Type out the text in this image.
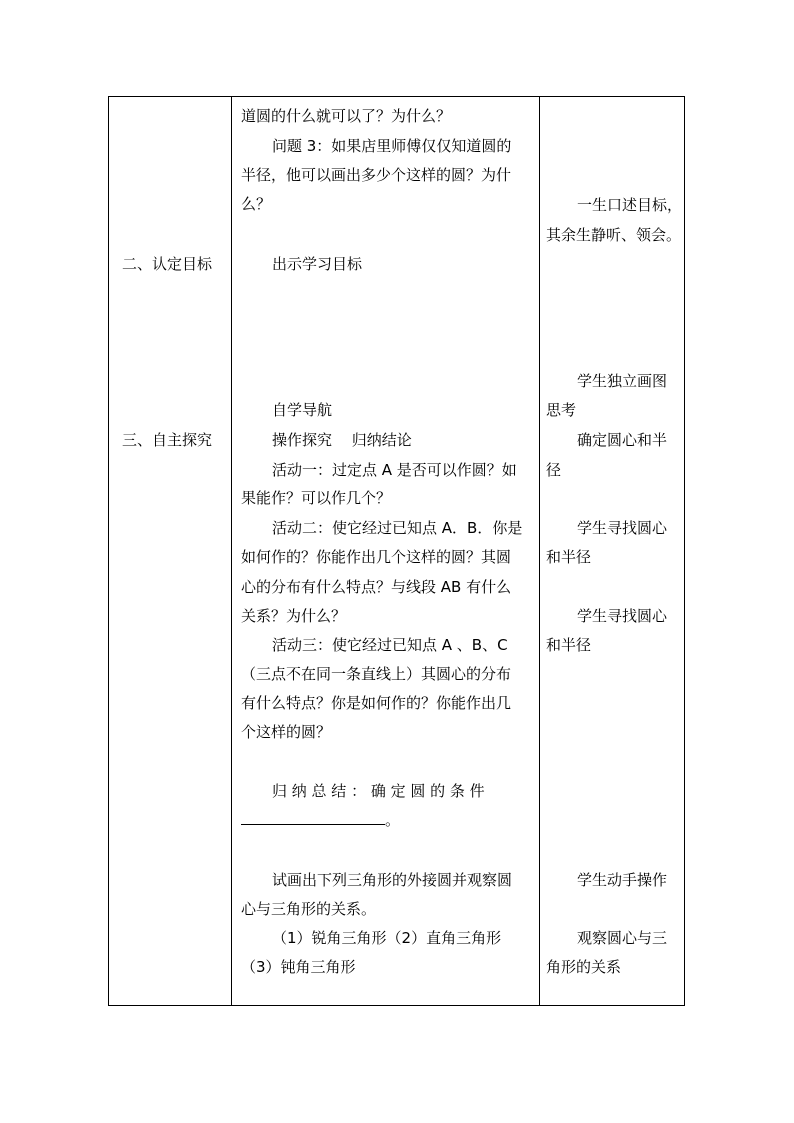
二、认定目标
三、自主探究
道圆的什么就可以了？为什么？
问题 3：如果店里师傅仅仅知道圆的
半径，他可以画出多少个这样的圆？为什
么？
出示学习目标
自学导航
操作探究　 归纳结论
活动一：过定点 A 是否可以作圆？如
果能作？可以作几个？
活动二：使它经过已知点 A．B．你是
如何作的？你能作出几个这样的圆？其圆
心的分布有什么特点？与线段 AB 有什么
关系？为什么？
活动三：使它经过已知点 A 、B、C
（三点不在同一条直线上）其圆心的分布
有什么特点？你是如何作的？你能作出几
个这样的圆？
归 纳 总 结 ： 确 定 圆 的 条 件
。
试画出下列三角形的外接圆并观察圆
心与三角形的关系。
（1）锐角三角形（2）直角三角形
（3）钝角三角形
一生口述目标，
其余生静听、领会。
学生独立画图
思考
确定圆心和半
径
学生寻找圆心
和半径
学生寻找圆心
和半径
学生动手操作
观察圆心与三
角形的关系
